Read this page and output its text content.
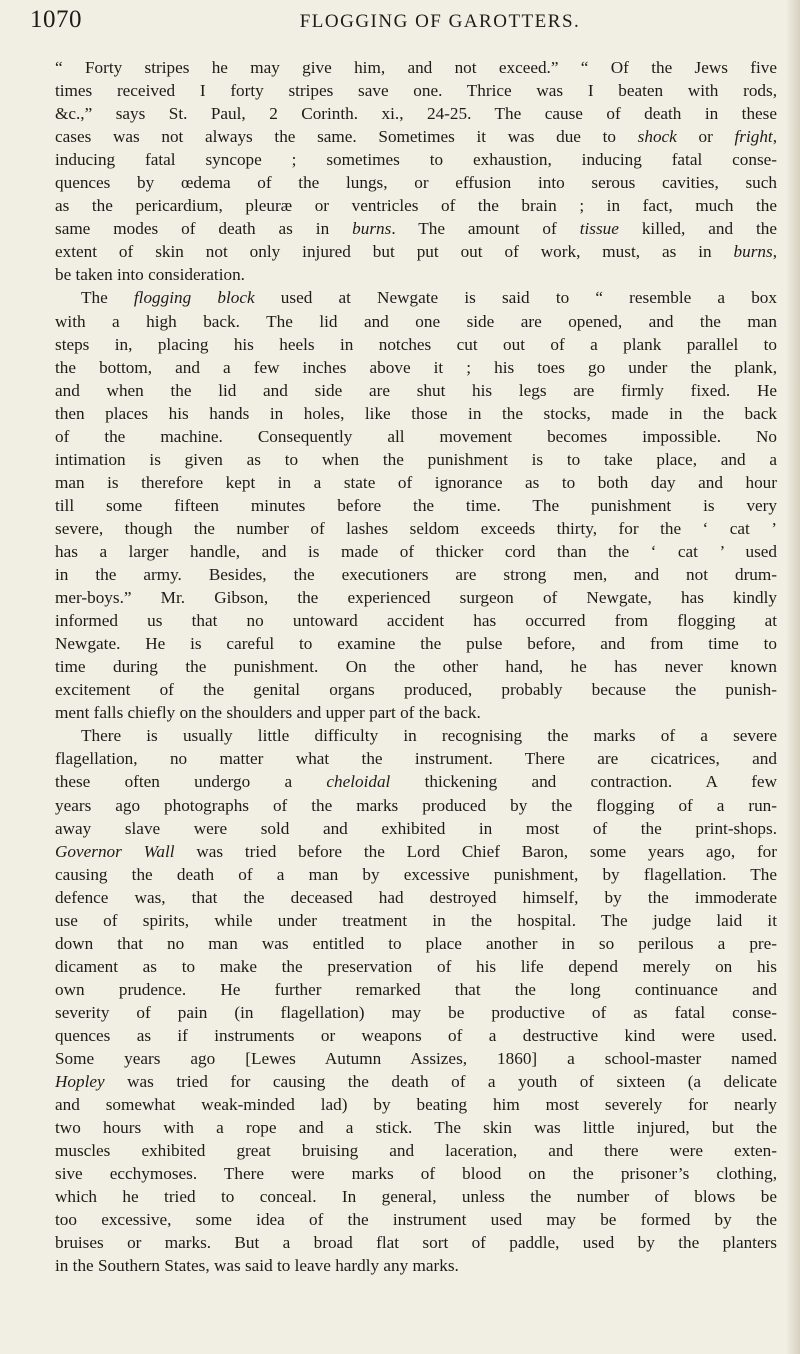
1070	FLOGGING OF GAROTTERS.
“ Forty stripes he may give him, and not exceed.” “ Of the Jews five
times received I forty stripes save one. Thrice was I beaten with rods,
&c.,” says St. Paul, 2 Corinth. xi., 24-25. The cause of death in these
cases was not always the same. Sometimes it was due to shock or fright,
inducing fatal syncope ; sometimes to exhaustion, inducing fatal conse-
quences by œdema of the lungs, or effusion into serous cavities, such
as the pericardium, pleuræ or ventricles of the brain ; in fact, much the
same modes of death as in burns. The amount of tissue killed, and the
extent of skin not only injured but put out of work, must, as in burns,
be taken into consideration.
The flogging block used at Newgate is said to “ resemble a box
with a high back. The lid and one side are opened, and the man
steps in, placing his heels in notches cut out of a plank parallel to
the bottom, and a few inches above it ; his toes go under the plank,
and when the lid and side are shut his legs are firmly fixed. He
then places his hands in holes, like those in the stocks, made in the back
of the machine. Consequently all movement becomes impossible. No
intimation is given as to when the punishment is to take place, and a
man is therefore kept in a state of ignorance as to both day and hour
till some fifteen minutes before the time. The punishment is very
severe, though the number of lashes seldom exceeds thirty, for the ‘ cat ’
has a larger handle, and is made of thicker cord than the ‘ cat ’ used
in the army. Besides, the executioners are strong men, and not drum-
mer-boys.” Mr. Gibson, the experienced surgeon of Newgate, has kindly
informed us that no untoward accident has occurred from flogging at
Newgate. He is careful to examine the pulse before, and from time to
time during the punishment. On the other hand, he has never known
excitement of the genital organs produced, probably because the punish-
ment falls chiefly on the shoulders and upper part of the back.
There is usually little difficulty in recognising the marks of a severe
flagellation, no matter what the instrument. There are cicatrices, and
these often undergo a cheloidal thickening and contraction. A few
years ago photographs of the marks produced by the flogging of a run-
away slave were sold and exhibited in most of the print-shops.
Governor Wall was tried before the Lord Chief Baron, some years ago, for
causing the death of a man by excessive punishment, by flagellation. The
defence was, that the deceased had destroyed himself, by the immoderate
use of spirits, while under treatment in the hospital. The judge laid it
down that no man was entitled to place another in so perilous a pre-
dicament as to make the preservation of his life depend merely on his
own prudence. He further remarked that the long continuance and
severity of pain (in flagellation) may be productive of as fatal conse-
quences as if instruments or weapons of a destructive kind were used.
Some years ago [Lewes Autumn Assizes, 1860] a school-master named
Hopley was tried for causing the death of a youth of sixteen (a delicate
and somewhat weak-minded lad) by beating him most severely for nearly
two hours with a rope and a stick. The skin was little injured, but the
muscles exhibited great bruising and laceration, and there were exten-
sive ecchymoses. There were marks of blood on the prisoner’s clothing,
which he tried to conceal. In general, unless the number of blows be
too excessive, some idea of the instrument used may be formed by the
bruises or marks. But a broad flat sort of paddle, used by the planters
in the Southern States, was said to leave hardly any marks.
